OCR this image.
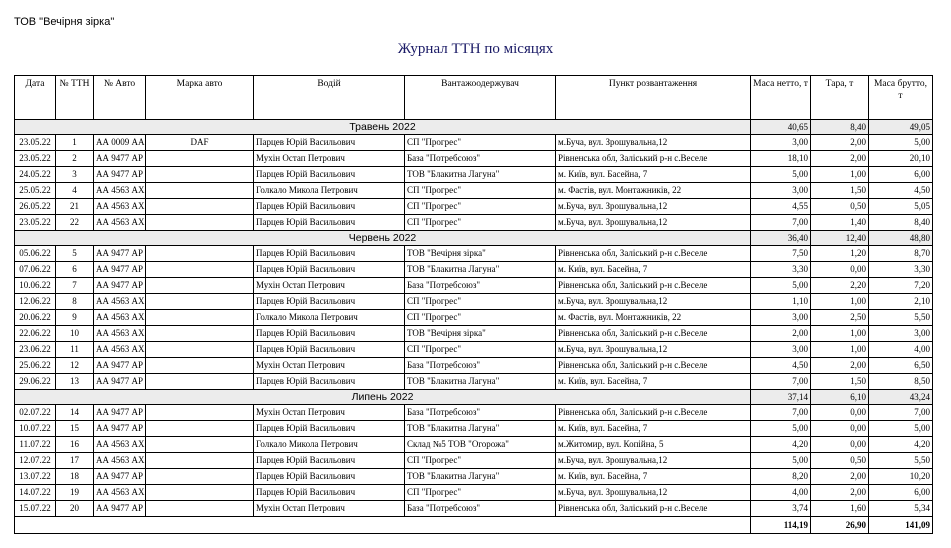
ТОВ "Вечірня зірка"
Журнал ТТН по місяцях
Дата	№ ТТН	№ Авто	Марка авто	Водій	Вантажоодержувач	Пункт розвантаження	Маса нетто, т	Тара, т	Маса брутто, т
Травень 2022							40,65	8,40	49,05
23.05.22	1	АА 0009 АА	DAF	Парцев Юрій Васильович	СП "Прогрес"	м.Буча, вул. Зрошувальна,12	3,00	2,00	5,00
23.05.22	2	АА 9477 АР		Мухін Остап Петрович	База "Потребсоюз"	Рівненська обл, Залiський р-н с.Веселе	18,10	2,00	20,10
24.05.22	3	АА 9477 АР		Парцев Юрій Васильович	ТОВ "Блакитна Лагуна"	м. Київ, вул. Басейна, 7	5,00	1,00	6,00
25.05.22	4	АА 4563 АХ		Голкало Микола Петрович	СП "Прогрес"	м. Фастів, вул. Монтажників, 22	3,00	1,50	4,50
26.05.22	21	АА 4563 АХ		Парцев Юрій Васильович	СП "Прогрес"	м.Буча, вул. Зрошувальна,12	4,55	0,50	5,05
23.05.22	22	АА 4563 АХ		Парцев Юрій Васильович	СП "Прогрес"	м.Буча, вул. Зрошувальна,12	7,00	1,40	8,40
Червень 2022							36,40	12,40	48,80
05.06.22	5	АА 9477 АР		Парцев Юрій Васильович	ТОВ "Вечірня зірка"	Рівненська обл, Залiський р-н с.Веселе	7,50	1,20	8,70
07.06.22	6	АА 9477 АР		Парцев Юрій Васильович	ТОВ "Блакитна Лагуна"	м. Київ, вул. Басейна, 7	3,30	0,00	3,30
10.06.22	7	АА 9477 АР		Мухін Остап Петрович	База "Потребсоюз"	Рівненська обл, Залiський р-н с.Веселе	5,00	2,20	7,20
12.06.22	8	АА 4563 АХ		Парцев Юрій Васильович	СП "Прогрес"	м.Буча, вул. Зрошувальна,12	1,10	1,00	2,10
20.06.22	9	АА 4563 АХ		Голкало Микола Петрович	СП "Прогрес"	м. Фастів, вул. Монтажників, 22	3,00	2,50	5,50
22.06.22	10	АА 4563 АХ		Парцев Юрій Васильович	ТОВ "Вечірня зірка"	Рівненська обл, Залiський р-н с.Веселе	2,00	1,00	3,00
23.06.22	11	АА 4563 АХ		Парцев Юрій Васильович	СП "Прогрес"	м.Буча, вул. Зрошувальна,12	3,00	1,00	4,00
25.06.22	12	АА 9477 АР		Мухін Остап Петрович	База "Потребсоюз"	Рівненська обл, Залiський р-н с.Веселе	4,50	2,00	6,50
29.06.22	13	АА 9477 АР		Парцев Юрій Васильович	ТОВ "Блакитна Лагуна"	м. Київ, вул. Басейна, 7	7,00	1,50	8,50
Липень 2022							37,14	6,10	43,24
02.07.22	14	АА 9477 АР		Мухін Остап Петрович	База "Потребсоюз"	Рівненська обл, Залiський р-н с.Веселе	7,00	0,00	7,00
10.07.22	15	АА 9477 АР		Парцев Юрій Васильович	ТОВ "Блакитна Лагуна"	м. Київ, вул. Басейна, 7	5,00	0,00	5,00
11.07.22	16	АА 4563 АХ		Голкало Микола Петрович	Склад №5 ТОВ "Огорожа"	м.Житомир, вул. Копiйна, 5	4,20	0,00	4,20
12.07.22	17	АА 4563 АХ		Парцев Юрій Васильович	СП "Прогрес"	м.Буча, вул. Зрошувальна,12	5,00	0,50	5,50
13.07.22	18	АА 9477 АР		Парцев Юрій Васильович	ТОВ "Блакитна Лагуна"	м. Київ, вул. Басейна, 7	8,20	2,00	10,20
14.07.22	19	АА 4563 АХ		Парцев Юрій Васильович	СП "Прогрес"	м.Буча, вул. Зрошувальна,12	4,00	2,00	6,00
15.07.22	20	АА 9477 АР		Мухін Остап Петрович	База "Потребсоюз"	Рівненська обл, Залiський р-н с.Веселе	3,74	1,60	5,34
							114,19	26,90	141,09
